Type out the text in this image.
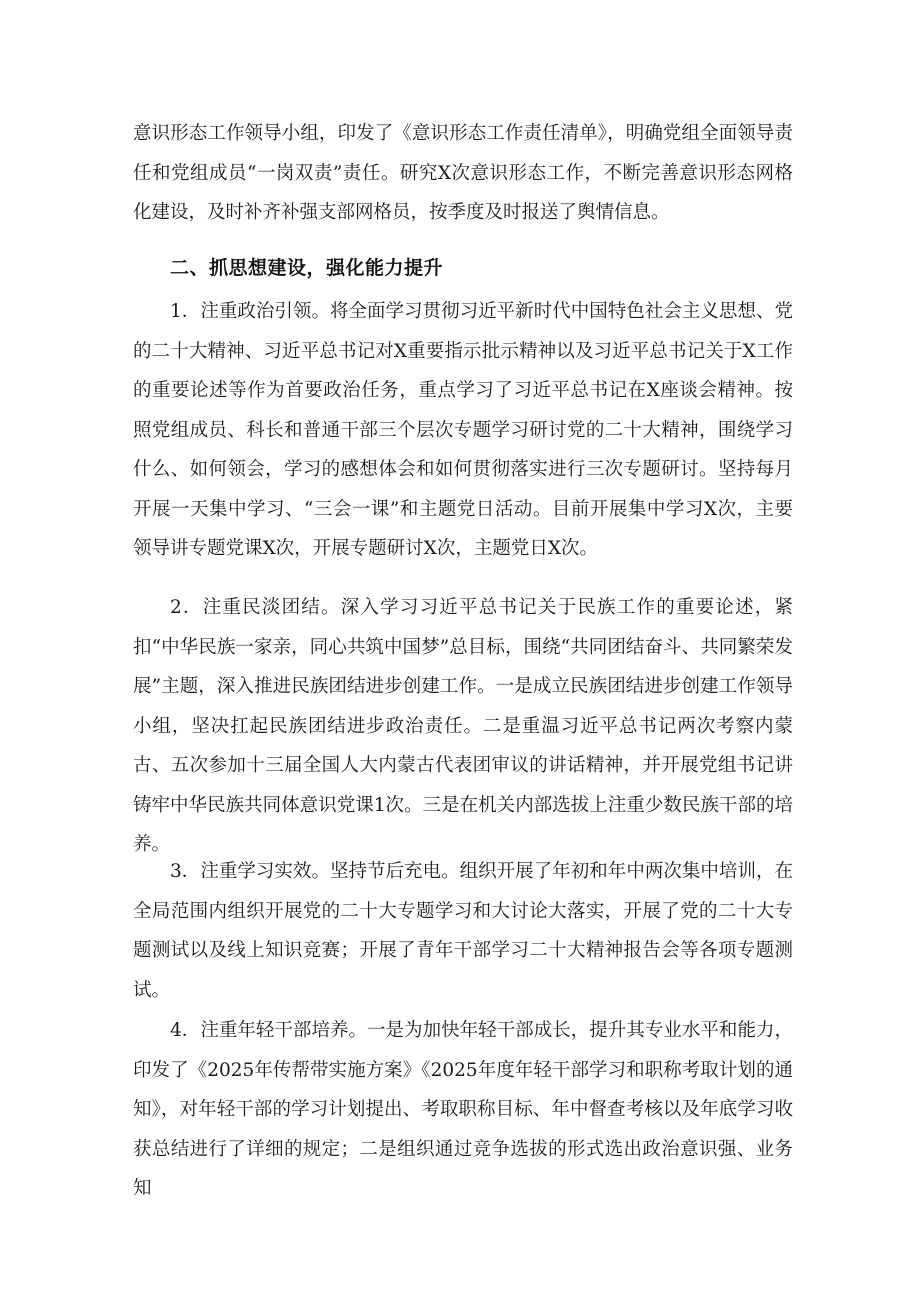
意识形态工作领导小组，印发了《意识形态工作责任清单》，明确党组全面领导责任和党组成员“一岗双责”责任。研究X次意识形态工作，不断完善意识形态网格化建设，及时补齐补强支部网格员，按季度及时报送了舆情信息。

二、抓思想建设，强化能力提升

1．注重政治引领。将全面学习贯彻习近平新时代中国特色社会主义思想、党的二十大精神、习近平总书记对X重要指示批示精神以及习近平总书记关于X工作的重要论述等作为首要政治任务，重点学习了习近平总书记在X座谈会精神。按照党组成员、科长和普通干部三个层次专题学习研讨党的二十大精神，围绕学习什么、如何领会，学习的感想体会和如何贯彻落实进行三次专题研讨。坚持每月开展一天集中学习、“三会一课”和主题党日活动。目前开展集中学习X次，主要领导讲专题党课X次，开展专题研讨X次，主题党日X次。

2．注重民淡团结。深入学习习近平总书记关于民族工作的重要论述，紧扣“中华民族一家亲，同心共筑中国梦”总目标，围绕“共同团结奋斗、共同繁荣发展”主题，深入推进民族团结进步创建工作。一是成立民族团结进步创建工作领导小组，坚决扛起民族团结进步政治责任。二是重温习近平总书记两次考察内蒙古、五次参加十三届全国人大内蒙古代表团审议的讲话精神，并开展党组书记讲铸牢中华民族共同体意识党课1次。三是在机关内部选拔上注重少数民族干部的培养。

3．注重学习实效。坚持节后充电。组织开展了年初和年中两次集中培训，在全局范围内组织开展党的二十大专题学习和大讨论大落实，开展了党的二十大专题测试以及线上知识竞赛；开展了青年干部学习二十大精神报告会等各项专题测试。

4．注重年轻干部培养。一是为加快年轻干部成长，提升其专业水平和能力，印发了《2025年传帮带实施方案》《2025年度年轻干部学习和职称考取计划的通知》，对年轻干部的学习计划提出、考取职称目标、年中督查考核以及年底学习收获总结进行了详细的规定；二是组织通过竞争选拔的形式选出政治意识强、业务知
